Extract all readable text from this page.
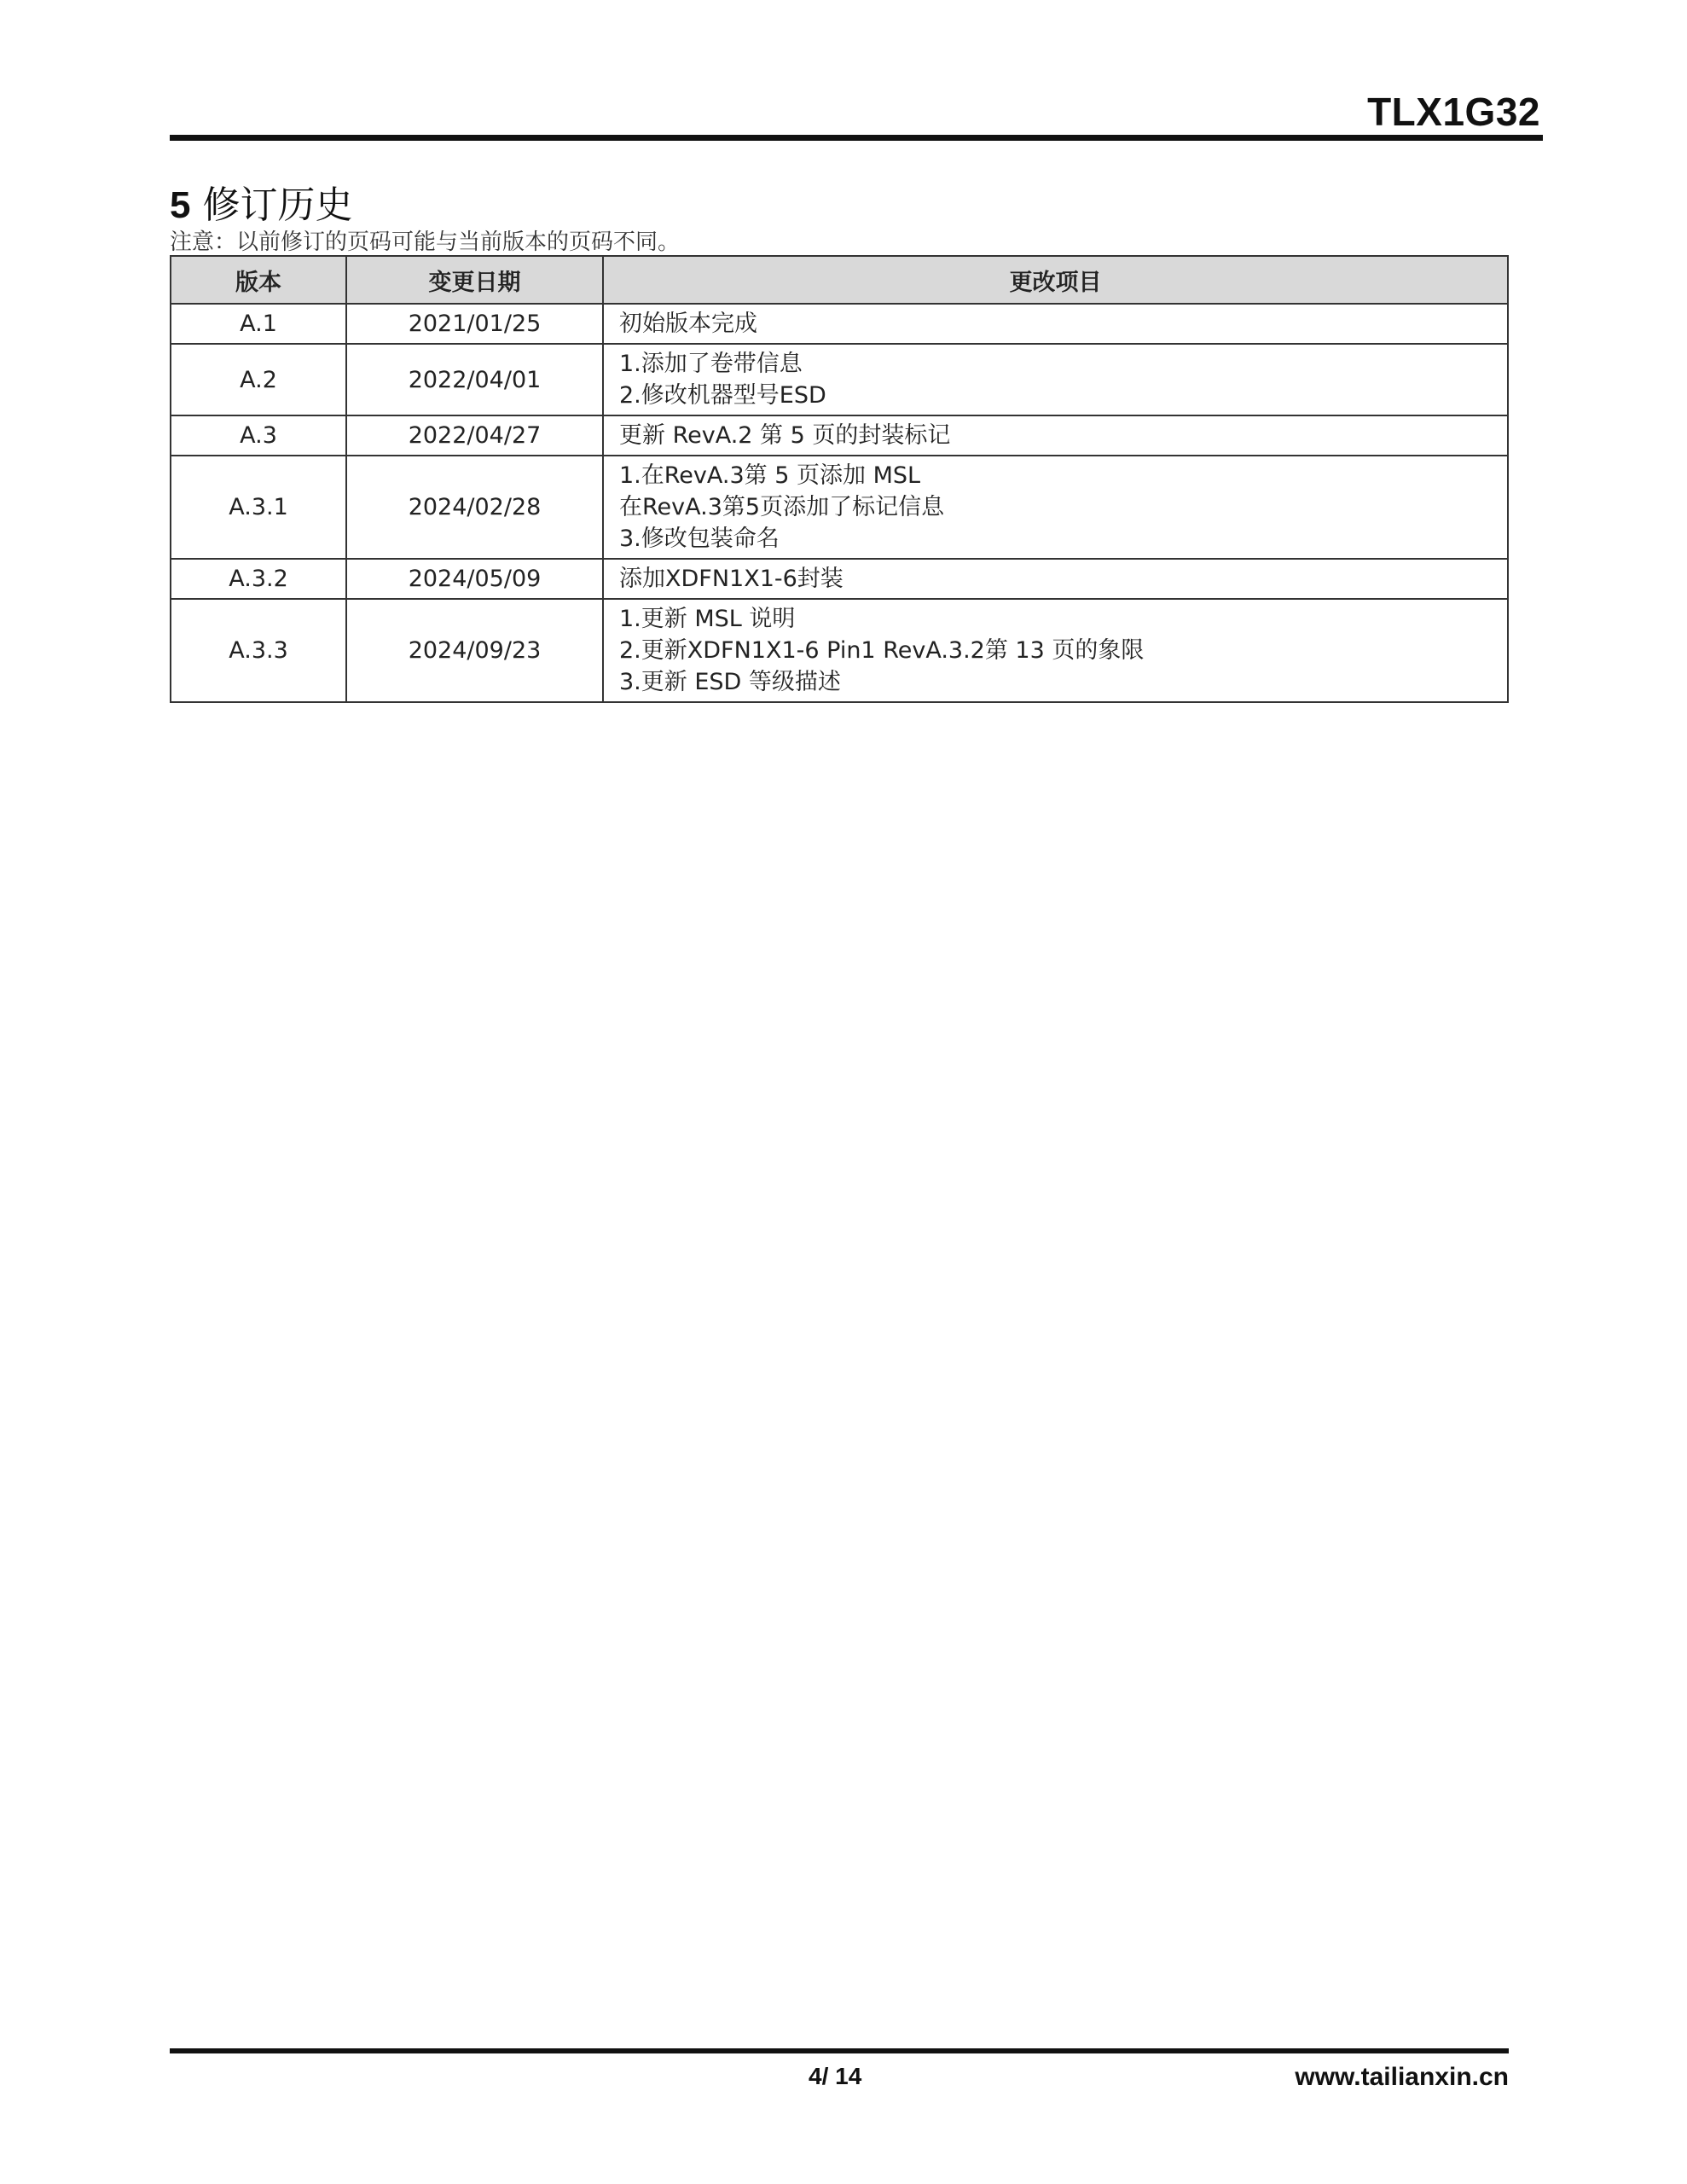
TLX1G32
5 修订历史
注意：以前修订的页码可能与当前版本的页码不同。
版本	变更日期	更改项目
A.1	2021/01/25	初始版本完成

A.2	2022/04/01	1.添加了卷带信息
2.修改机器型号ESD

A.3	2022/04/27	更新 RevA.2 第 5 页的封装标记

A.3.1	2024/02/28	1.在RevA.3第 5 页添加 MSL
在RevA.3第5页添加了标记信息
3.修改包装命名

A.3.2	2024/05/09	添加XDFN1X1-6封装

A.3.3	2024/09/23	1.更新 MSL 说明
2.更新XDFN1X1-6 Pin1 RevA.3.2第 13 页的象限
3.更新 ESD 等级描述
4/ 14	www.tailianxin.cn
